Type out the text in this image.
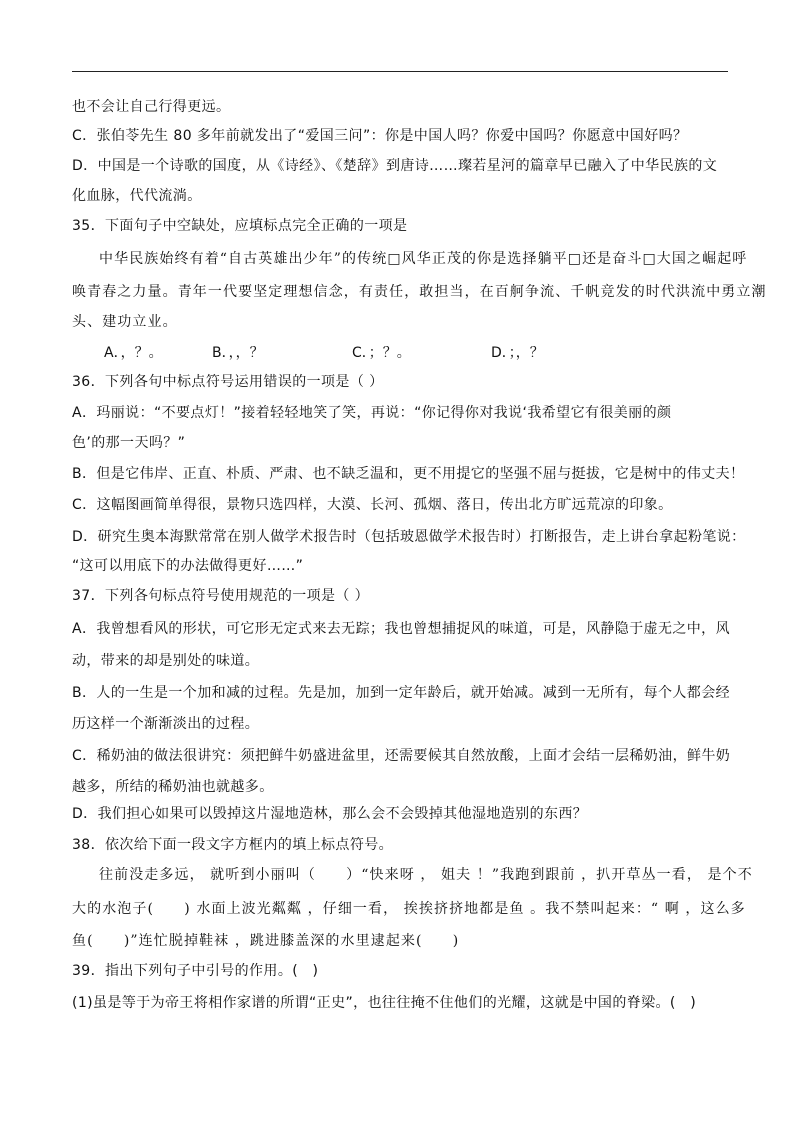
也不会让自己行得更远。
C．张伯苓先生 80 多年前就发出了“爱国三问”：你是中国人吗？你爱中国吗？你愿意中国好吗？
D．中国是一个诗歌的国度，从《诗经》、《楚辞》到唐诗……璨若星河的篇章早已融入了中华民族的文
化血脉，代代流淌。
35．下面句子中空缺处，应填标点完全正确的一项是
中华民族始终有着“自古英雄出少年”的传统□风华正茂的你是选择躺平□还是奋斗□大国之崛起呼
唤青春之力量。青年一代要坚定理想信念，有责任，敢担当，在百舸争流、千帆竞发的时代洪流中勇立潮
头、建功立业。
A．，？。	B．，，？	C．；？。	D．；，？
36．下列各句中标点符号运用错误的一项是（ ）
A．玛丽说：“不要点灯！”接着轻轻地笑了笑，再说：“你记得你对我说‘我希望它有很美丽的颜
色’的那一天吗？”
B．但是它伟岸、正直、朴质、严肃、也不缺乏温和，更不用提它的坚强不屈与挺拔，它是树中的伟丈夫！
C．这幅图画简单得很，景物只选四样，大漠、长河、孤烟、落日，传出北方旷远荒凉的印象。
D．研究生奥本海默常常在别人做学术报告时（包括玻恩做学术报告时）打断报告，走上讲台拿起粉笔说：
“这可以用底下的办法做得更好……”
37．下列各句标点符号使用规范的一项是（ ）
A．我曾想看风的形状，可它形无定式来去无踪；我也曾想捕捉风的味道，可是，风静隐于虚无之中，风
动，带来的却是别处的味道。
B．人的一生是一个加和减的过程。先是加，加到一定年龄后，就开始减。减到一无所有，每个人都会经
历这样一个渐渐淡出的过程。
C．稀奶油的做法很讲究：须把鲜牛奶盛进盆里，还需要候其自然放酸，上面才会结一层稀奶油，鲜牛奶
越多，所结的稀奶油也就越多。
D．我们担心如果可以毁掉这片湿地造林，那么会不会毁掉其他湿地造别的东西？
38．依次给下面一段文字方框内的填上标点符号。
往前没走多远， 就听到小丽叫（　　）“快来呀 ， 姐夫 ！”我跑到跟前 ，扒开草丛一看， 是个不
大的水泡子(　　) 水面上波光粼粼 ，仔细一看， 挨挨挤挤地都是鱼 。我不禁叫起来：“ 啊 ，这么多
鱼(　　)”连忙脱掉鞋袜 ，跳进膝盖深的水里逮起来(　　)
39．指出下列句子中引号的作用。(　)
(1)虽是等于为帝王将相作家谱的所谓“正史”，也往往掩不住他们的光耀，这就是中国的脊梁。(　)
